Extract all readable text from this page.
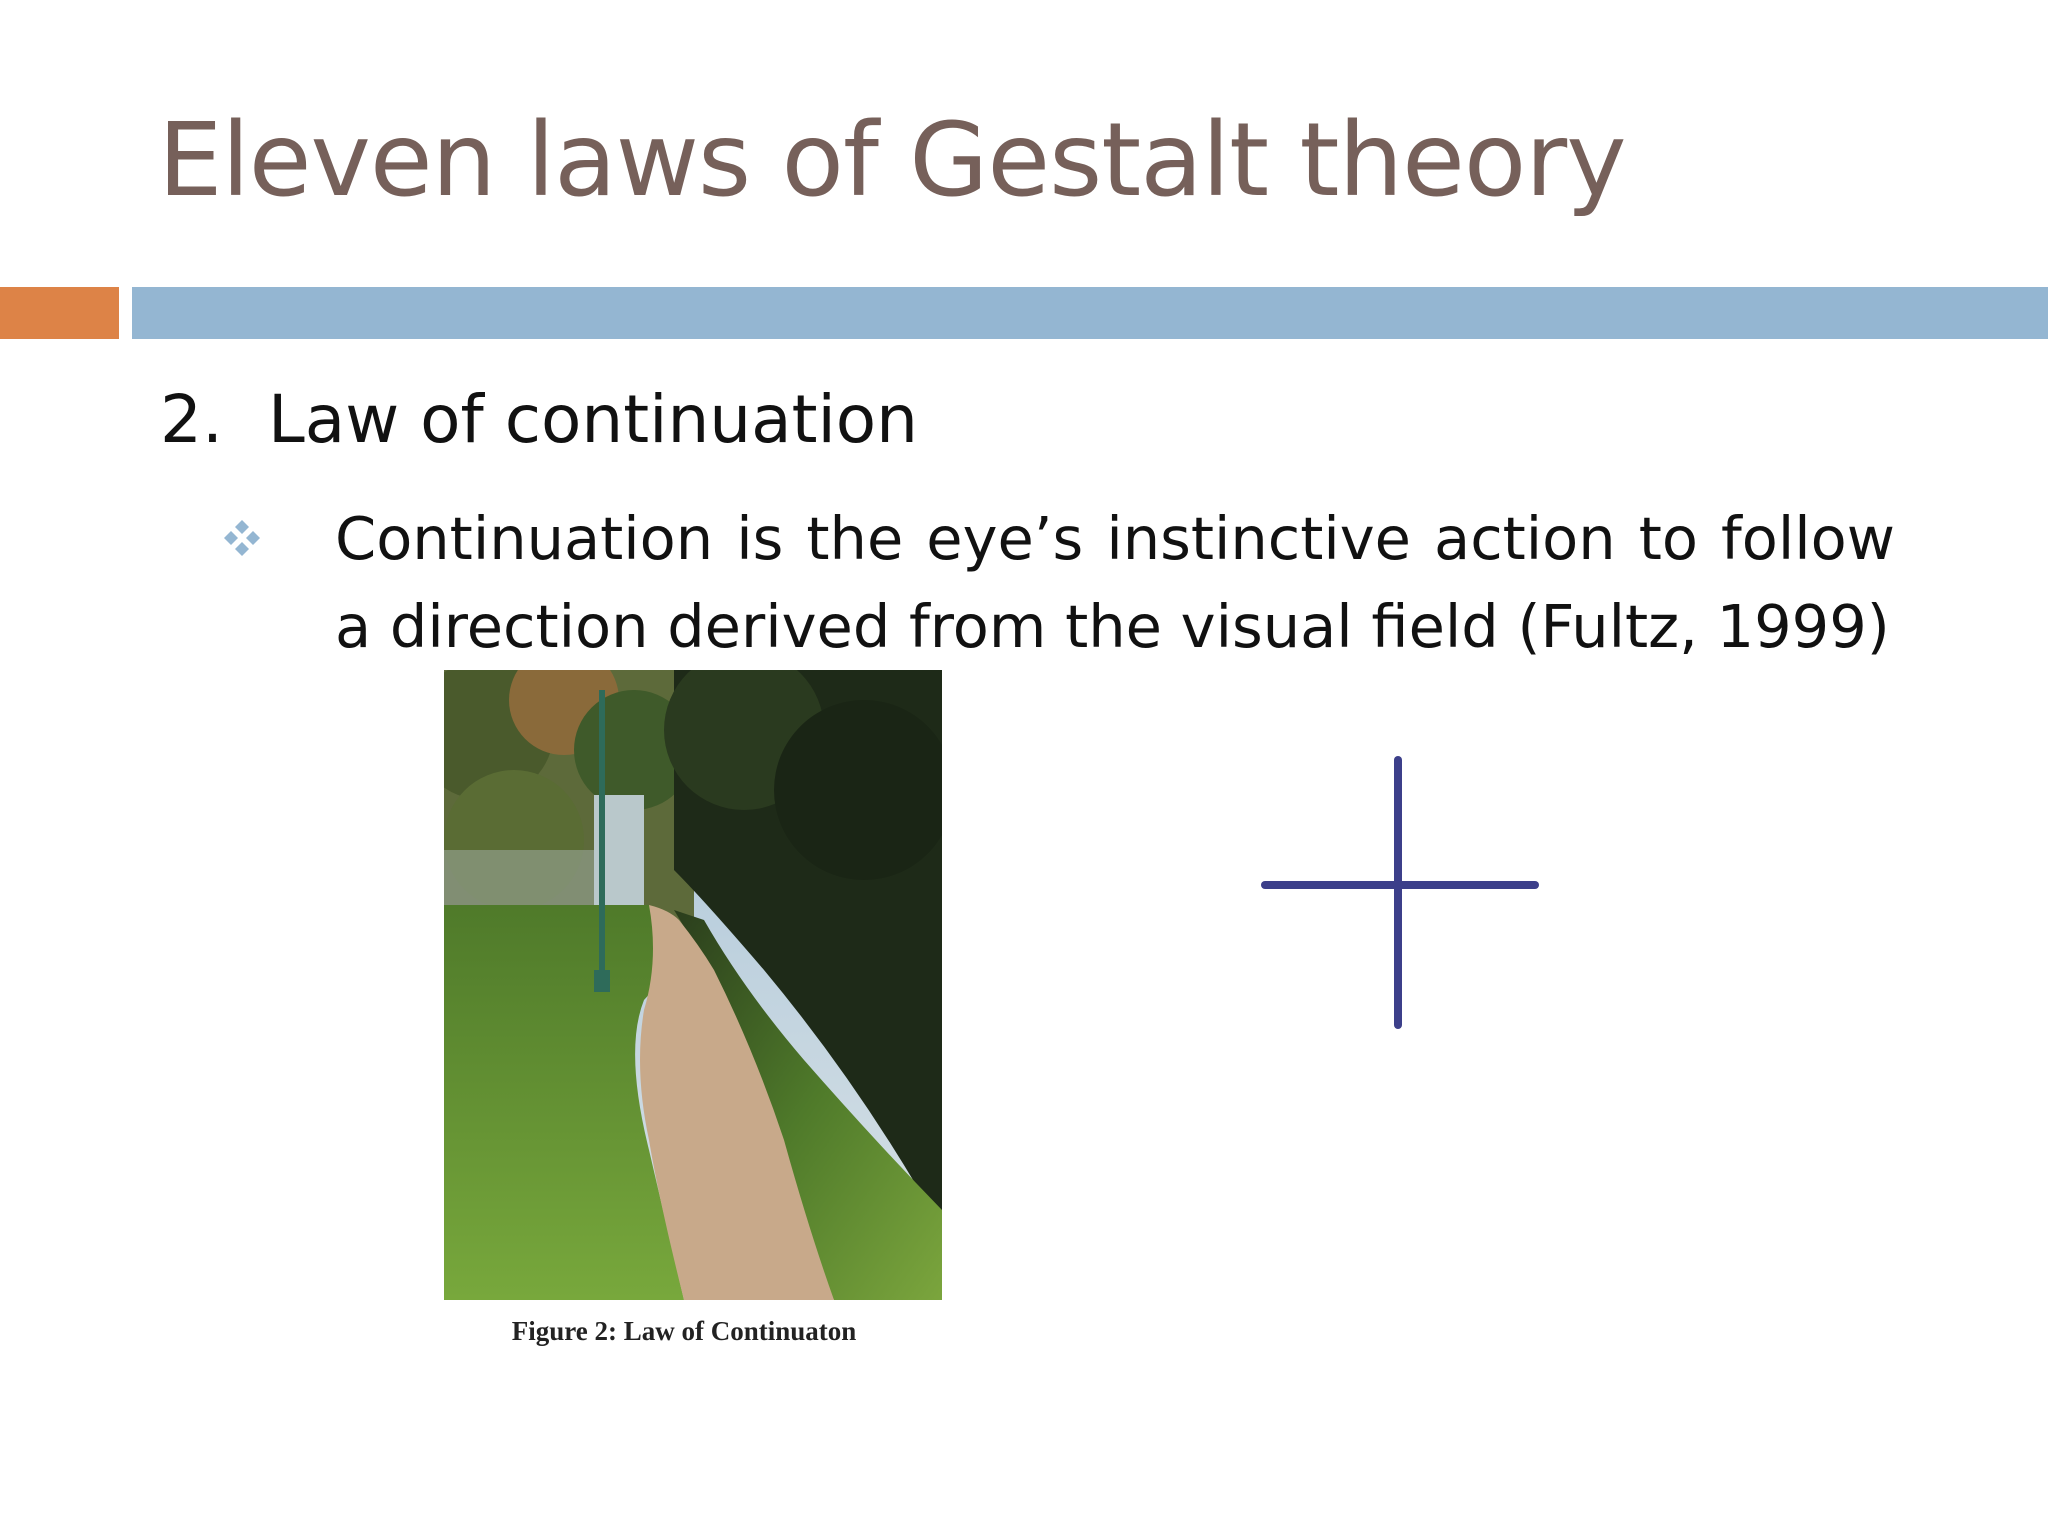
Eleven laws of Gestalt theory
2. Law of continuation
Continuation is the eye’s instinctive action to follow a direction derived from the visual field (Fultz, 1999)
Figure 2: Law of Continuaton
